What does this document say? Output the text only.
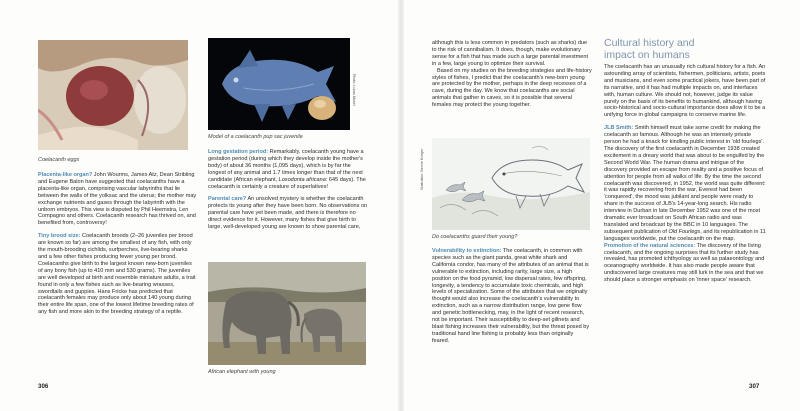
Coelacanth eggs
Photo: Lukas Mosel
Model of a coelacanth pup sac juvenile

Placenta-like organ? John Wourms, James Atz, Dean Stribling and Eugene Balon have suggested that coelacanths have a placenta-like organ, comprising vascular labyrinths that lie between the walls of the yolksac and the uterus; the mother may exchange nutrients and gases through the labyrinth with the unborn embryos. This view is disputed by Phil Heemstra, Len Compagno and others. Coelacanth research has thrived on, and benefited from, controversy!

Tiny brood size: Coelacanth broods (2–26 juveniles per brood are known so far) are among the smallest of any fish, with only the mouth-brooding cichlids, surfperches, live-bearing sharks and a few other fishes producing fewer young per brood. Coelacanths give birth to the largest known new-born juveniles of any bony fish (up to 410 mm and 530 grams). The juveniles are well developed at birth and resemble miniature adults, a trait found in only a few fishes such as live-bearing wrasses, swordtails and guppies. Hans Fricke has predicted that coelacanth females may produce only about 140 young during their entire life span, one of the lowest lifetime breeding rates of any fish and more akin to the breeding strategy of a reptile.

Long gestation period: Remarkably, coelacanth young have a gestation period (during which they develop inside the mother's body) of about 36 months (1,095 days), which is by far the longest of any animal and 1.7 times longer than that of the next candidate (African elephant, Loxodonta africana: 645 days). The coelacanth is certainly a creature of superlatives!

Parental care? An unsolved mystery is whether the coelacanth protects its young after they have been born. No observations on parental care have yet been made, and there is therefore no direct evidence for it. However, many fishes that give birth to large, well-developed young are known to show parental care,

African elephant with young
306

although this is less common in predators (such as sharks) due to the risk of cannibalism. It does, though, make evolutionary sense for a fish that has made such a large parental investment in a few, large young to optimize their survival.

Based on my studies on the breeding strategies and life-history styles of fishes, I predict that the coelacanth's new-born young are protected by the mother, perhaps in the deep recesses of a cave, during the day. We know that coelacanths are social animals that gather in caves, so it is possible that several females may protect the young together.

Illustration: Bernie Krieger
Do coelacanths guard their young?

Vulnerability to extinction: The coelacanth, in common with species such as the giant panda, great white shark and California condor, has many of the attributes of an animal that is vulnerable to extinction, including rarity, large size, a high position on the food pyramid, low dispersal rates, few offspring, longevity, a tendency to accumulate toxic chemicals, and high levels of specialization. Some of the attributes that we originally thought would also increase the coelacanth's vulnerability to extinction, such as a narrow distribution range, low gene flow and genetic bottlenecking, may, in the light of recent research, not be important. Their susceptibility to deep-set gillnets and blast fishing increases their vulnerability, but the threat posed by traditional hand line fishing is probably less than originally feared.

Cultural history and
impact on humans

The coelacanth has an unusually rich cultural history for a fish. An astounding array of scientists, fishermen, politicians, artists, poets and musicians, and even some practical jokers, have been part of its narrative, and it has had multiple impacts on, and interfaces with, human culture. We should not, however, judge its value purely on the basis of its benefits to humankind, although having socio-historical and socio-cultural importance does allow it to be a unifying force in global campaigns to conserve marine life.

JLB Smith: Smith himself must take some credit for making the coelacanth so famous. Although he was an intensely private person he had a knack for kindling public interest in 'old fourlegs'. The discovery of the first coelacanth in December 1938 created excitement in a dreary world that was about to be engulfed by the Second World War. The human drama and intrigue of the discovery provided an escape from reality and a positive focus of attention for people from all walks of life. By the time the second coelacanth was discovered, in 1952, the world was quite different: it was rapidly recovering from the war, Everest had been 'conquered', the mood was jubilant and people were ready to share in the success of JLB's 14-year-long search. His radio interview in Durban in late December 1952 was one of the most dramatic ever broadcast on South African radio and was translated and broadcast by the BBC in 10 languages. The subsequent publication of Old Fourlegs, and its republication in 11 languages worldwide, put the coelacanth on the map.

Promotion of the natural sciences: The discovery of the living coelacanth, and the ongoing surprises that its further study has revealed, has promoted ichthyology as well as palaeontology and oceanography worldwide. It has also made people aware that undiscovered large creatures may still lurk in the sea and that we should place a stronger emphasis on 'inner space' research.

307
